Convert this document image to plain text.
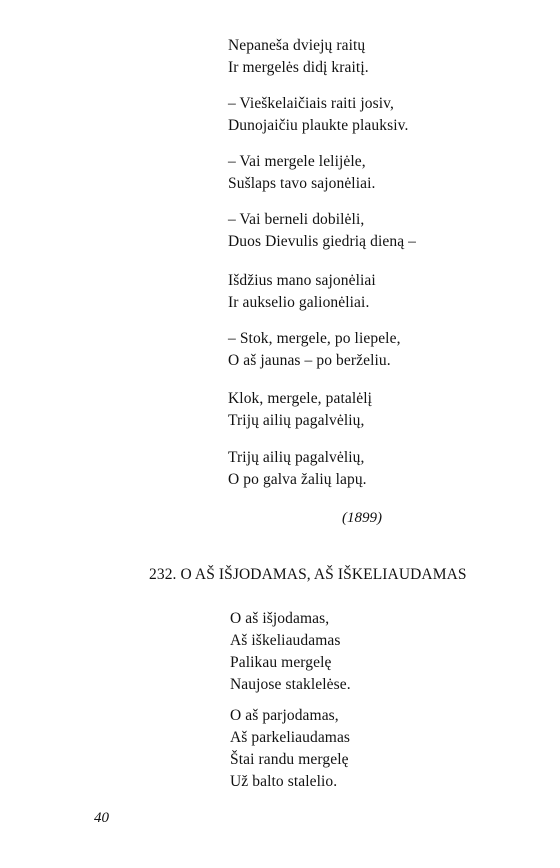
Nepaneša dviejų raitų
Ir mergelės didį kraitį.
– Vieškelaičiais raiti josiv,
Dunojaičiu plaukte plauksiv.
– Vai mergele lelijėle,
Sušlaps tavo sajonėliai.
– Vai berneli dobilėli,
Duos Dievulis giedrią dieną –
Išdžius mano sajonėliai
Ir aukselio galionėliai.
– Stok, mergele, po liepele,
O aš jaunas – po berželiu.
Klok, mergele, patalėlį
Trijų ailių pagalvėlių,
Trijų ailių pagalvėlių,
O po galva žalių lapų.
(1899)
232. O AŠ IŠJODAMAS, AŠ IŠKELIAUDAMAS
O aš išjodamas,
Aš iškeliaudamas
Palikau mergelę
Naujose staklelėse.
O aš parjodamas,
Aš parkeliaudamas
Štai randu mergelę
Už balto stalelio.
40
